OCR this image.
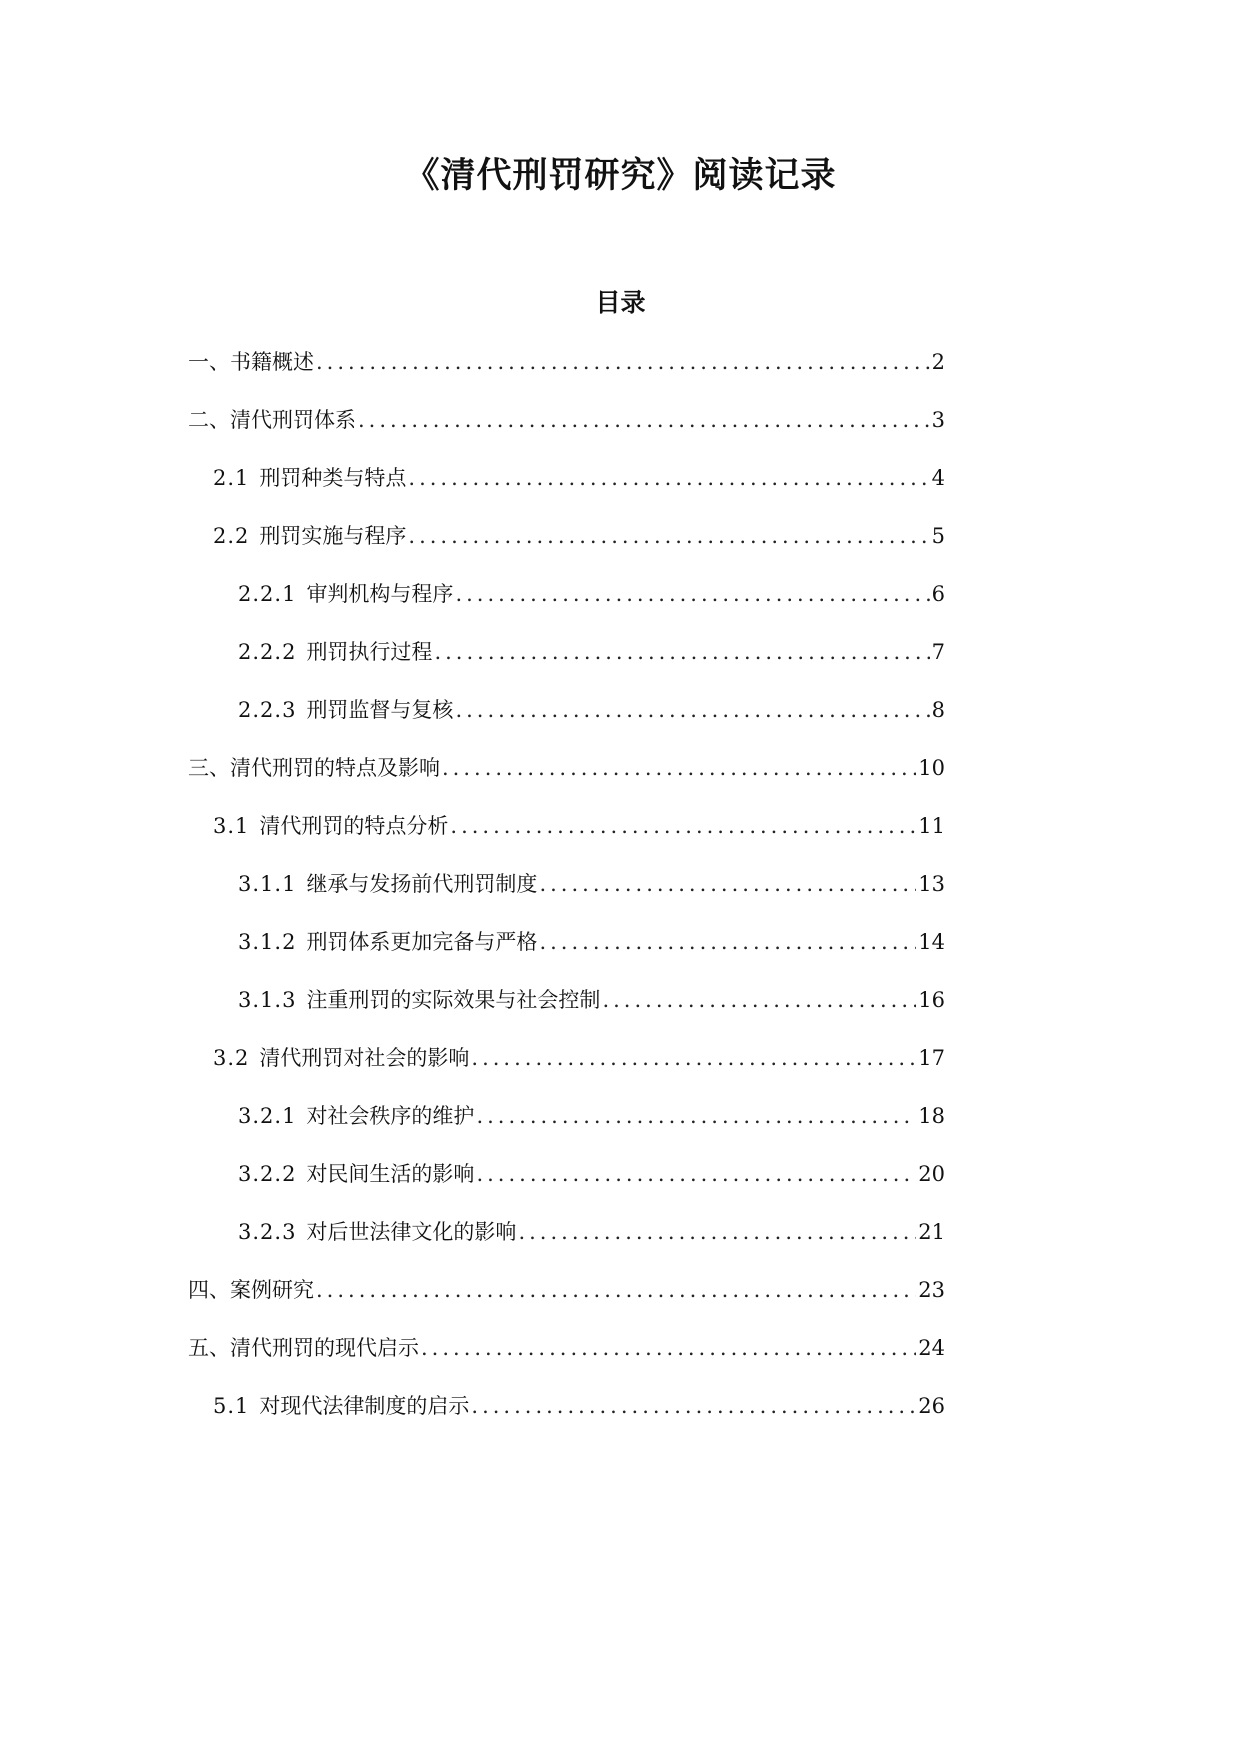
《清代刑罚研究》阅读记录
目录
一、书籍概述 .....	2
二、清代刑罚体系 .....	3
2.1 刑罚种类与特点 .....	4
2.2 刑罚实施与程序 .....	5
2.2.1 审判机构与程序 .....	6
2.2.2 刑罚执行过程 .....	7
2.2.3 刑罚监督与复核 .....	8
三、清代刑罚的特点及影响 .....	10
3.1 清代刑罚的特点分析 .....	11
3.1.1 继承与发扬前代刑罚制度 .....	13
3.1.2 刑罚体系更加完备与严格 .....	14
3.1.3 注重刑罚的实际效果与社会控制 .....	16
3.2 清代刑罚对社会的影响 .....	17
3.2.1 对社会秩序的维护 .....	18
3.2.2 对民间生活的影响 .....	20
3.2.3 对后世法律文化的影响 .....	21
四、案例研究 .....	23
五、清代刑罚的现代启示 .....	24
5.1 对现代法律制度的启示 .....	26
